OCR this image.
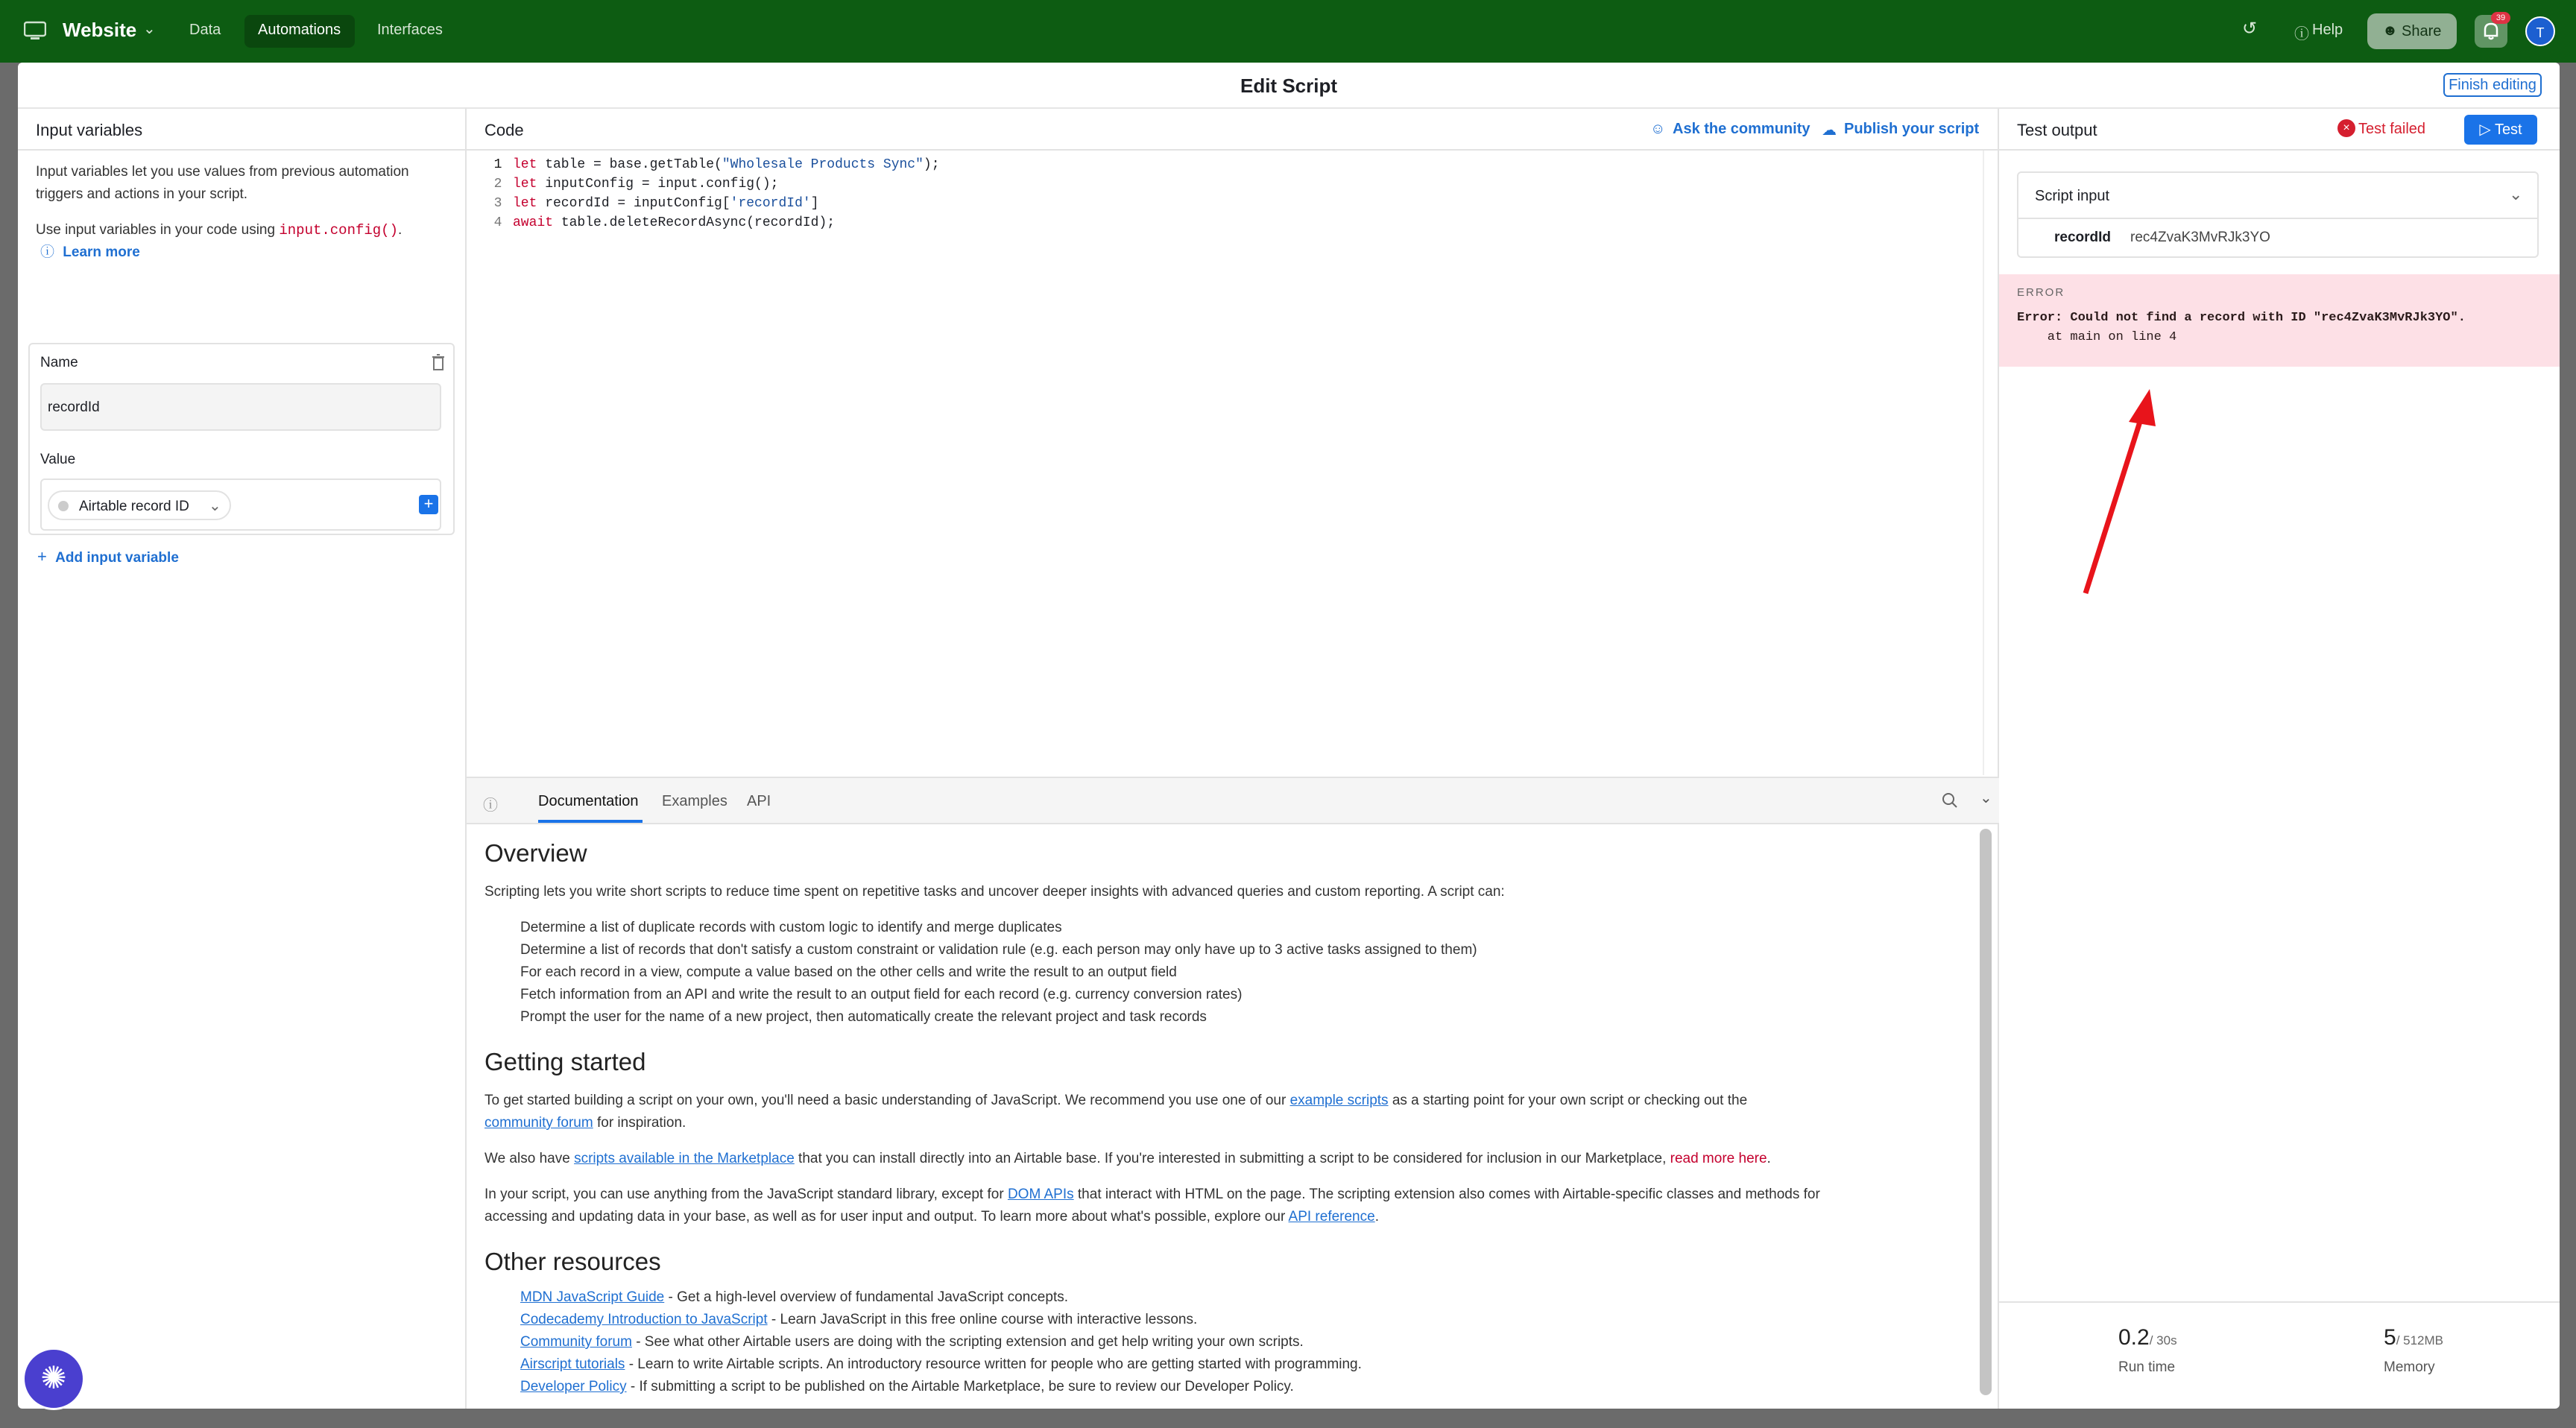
Website ⌄ Data Automations Interfaces	↺ ⓘ Help	☻ Share
39
T
Edit Script	Finish editing
Input variables
Input variables let you use values from previous automation
triggers and actions in your script.
Use input variables in your code using input.config().
ⓘ Learn more
Name
recordId
Value
Airtable record ID ⌄	+
+ Add input variable
Code	☺ Ask the community ☁ Publish your script
1 let table = base.getTable("Wholesale Products Sync");
2 let inputConfig = input.config();
3 let recordId = inputConfig['recordId']
4 await table.deleteRecordAsync(recordId);
ⓘ	Documentation Examples API	⌄
Overview
Scripting lets you write short scripts to reduce time spent on repetitive tasks and uncover deeper insights with advanced queries and custom reporting. A script can:
Determine a list of duplicate records with custom logic to identify and merge duplicates
Determine a list of records that don't satisfy a custom constraint or validation rule (e.g. each person may only have up to 3 active tasks assigned to them)
For each record in a view, compute a value based on the other cells and write the result to an output field
Fetch information from an API and write the result to an output field for each record (e.g. currency conversion rates)
Prompt the user for the name of a new project, then automatically create the relevant project and task records
Getting started
To get started building a script on your own, you'll need a basic understanding of JavaScript. We recommend you use one of our example scripts as a starting point for your own script or checking out the
community forum for inspiration.
We also have scripts available in the Marketplace that you can install directly into an Airtable base. If you're interested in submitting a script to be considered for inclusion in our Marketplace, read more here.
In your script, you can use anything from the JavaScript standard library, except for DOM APIs that interact with HTML on the page. The scripting extension also comes with Airtable-specific classes and methods for
accessing and updating data in your base, as well as for user input and output. To learn more about what's possible, explore our API reference.
Other resources
MDN JavaScript Guide - Get a high-level overview of fundamental JavaScript concepts.
Codecademy Introduction to JavaScript - Learn JavaScript in this free online course with interactive lessons.
Community forum - See what other Airtable users are doing with the scripting extension and get help writing your own scripts.
Airscript tutorials - Learn to write Airtable scripts. An introductory resource written for people who are getting started with programming.
Developer Policy - If submitting a script to be published on the Airtable Marketplace, be sure to review our Developer Policy.
Test output	× Test failed	▷ Test
Script input	⌄
recordId rec4ZvaK3MvRJk3YO
ERROR
Error: Could not find a record with ID "rec4ZvaK3MvRJk3YO".
at main on line 4
0.2/ 30s
Run time
5/ 512MB
Memory
✺
